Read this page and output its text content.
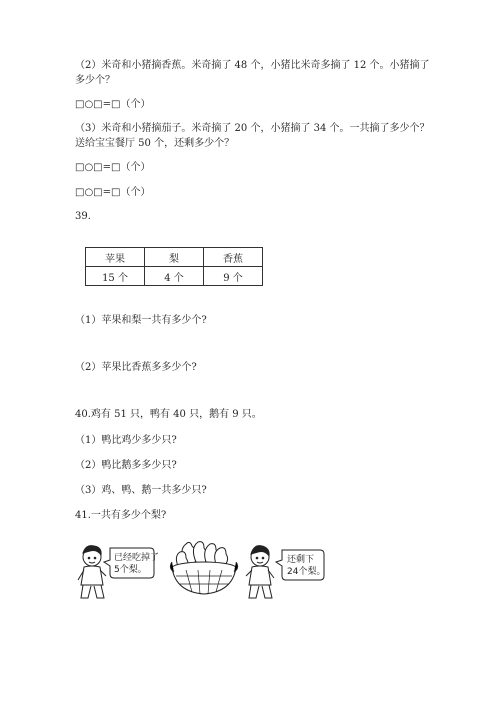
（2）米奇和小猪摘香蕉。米奇摘了 48 个，小猪比米奇多摘了 12 个。小猪摘了
多少个？
□○□=□（个）
（3）米奇和小猪摘茄子。米奇摘了 20 个，小猪摘了 34 个。一共摘了多少个？
送给宝宝餐厅 50 个，还剩多少个？
□○□=□（个）
□○□=□（个）
39.
苹果	梨	香蕉
15 个	4 个	9 个
（1）苹果和梨一共有多少个?
（2）苹果比香蕉多多少个?
40.鸡有 51 只，鸭有 40 只，鹅有 9 只。
（1）鸭比鸡少多少只?
（2）鸭比鹅多多少只?
（3）鸡、鸭、鹅一共多少只?
41.一共有多少个梨?
已经吃掉了
5个梨。
还剩下
24个梨。
